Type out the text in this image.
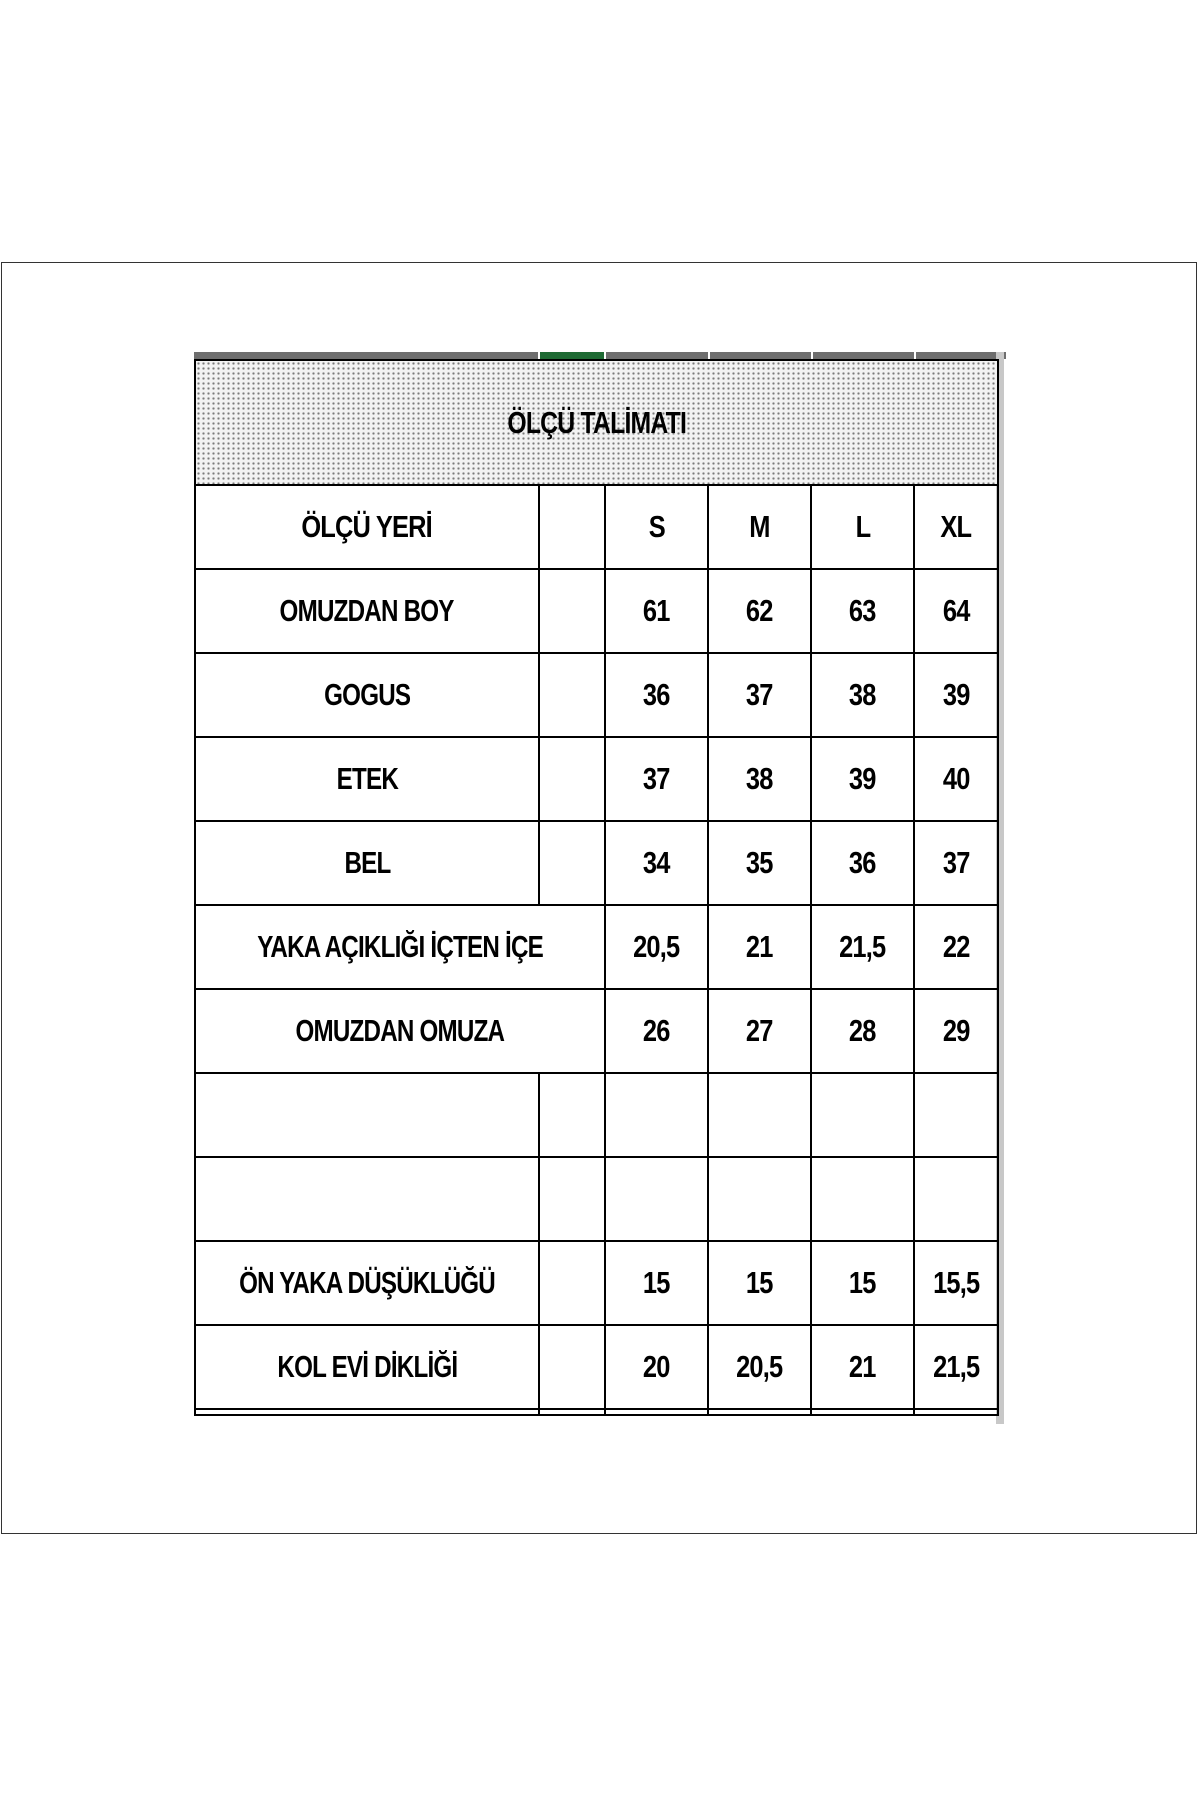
ÖLÇÜ TALİMATI					
ÖLÇÜ YERİ		S	M	L	XL
OMUZDAN BOY		61	62	63	64
GOGUS		36	37	38	39
ETEK		37	38	39	40
BEL		34	35	36	37
YAKA AÇIKLIĞI İÇTEN İÇE		20,5	21	21,5	22
OMUZDAN OMUZA		26	27	28	29

ÖN YAKA DÜŞÜKLÜĞÜ		15	15	15	15,5
KOL EVİ DİKLİĞİ		20	20,5	21	21,5
